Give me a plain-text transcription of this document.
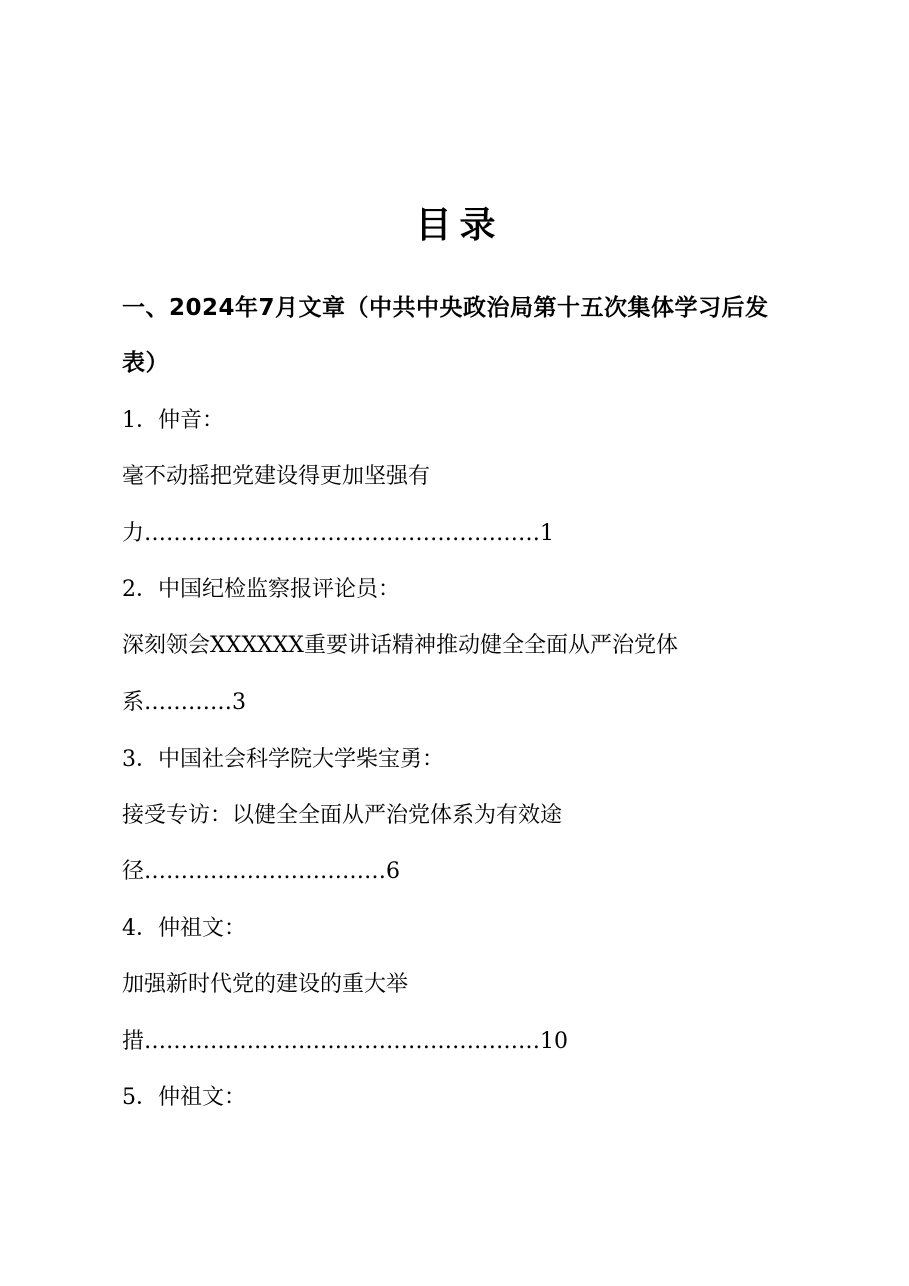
目录
一、2024年7月文章（中共中央政治局第十五次集体学习后发
表）
1．仲音：
毫不动摇把党建设得更加坚强有
力………………………………………………1
2．中国纪检监察报评论员：
深刻领会XXXXXX重要讲话精神推动健全全面从严治党体
系…………3
3．中国社会科学院大学柴宝勇：
接受专访：以健全全面从严治党体系为有效途
径……………………………6
4．仲祖文：
加强新时代党的建设的重大举
措………………………………………………10
5．仲祖文：
